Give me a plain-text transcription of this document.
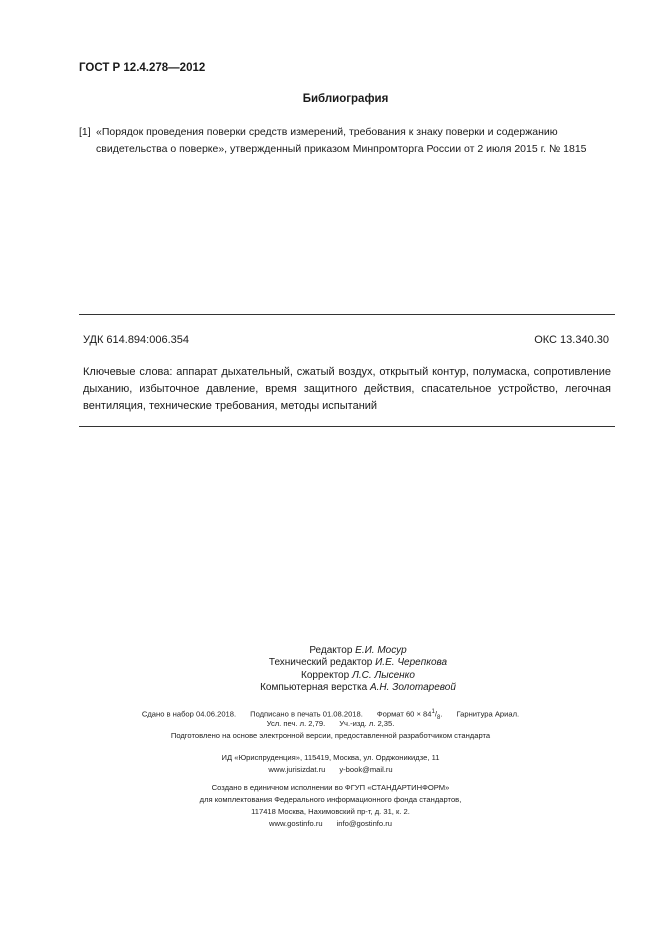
ГОСТ Р 12.4.278—2012
Библиография
[1] «Порядок проведения поверки средств измерений, требования к знаку поверки и содержанию свидетельства о поверке», утвержденный приказом Минпромторга России от 2 июля 2015 г. № 1815
УДК 614.894:006.354	ОКС 13.340.30
Ключевые слова: аппарат дыхательный, сжатый воздух, открытый контур, полумаска, сопротивление дыханию, избыточное давление, время защитного действия, спасательное устройство, легочная вентиляция, технические требования, методы испытаний
Редактор Е.И. Мосур
Технический редактор И.Е. Черепкова
Корректор Л.С. Лысенко
Компьютерная верстка А.Н. Золотаревой
Сдано в набор 04.06.2018. Подписано в печать 01.08.2018. Формат $60 \times 84^1/_8$. Гарнитура Ариал.
Усл. печ. л. 2,79. Уч.-изд. л. 2,35.
Подготовлено на основе электронной версии, предоставленной разработчиком стандарта
ИД «Юриспруденция», 115419, Москва, ул. Орджоникидзе, 11
www.jurisizdat.ru y-book@mail.ru
Создано в единичном исполнении во ФГУП «СТАНДАРТИНФОРМ»
для комплектования Федерального информационного фонда стандартов,
117418 Москва, Нахимовский пр-т, д. 31, к. 2.
www.gostinfo.ru info@gostinfo.ru
